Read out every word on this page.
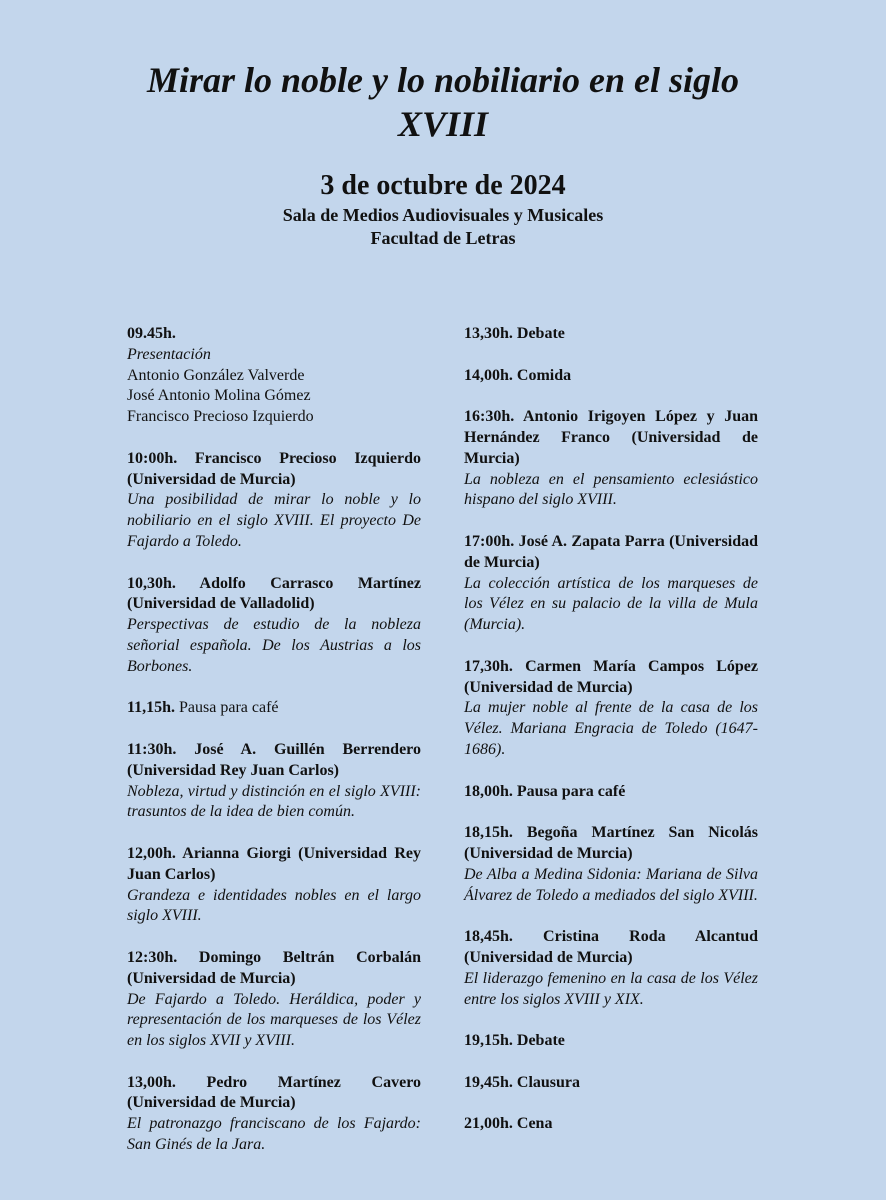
Mirar lo noble y lo nobiliario en el siglo
XVIII
3 de octubre de 2024
Sala de Medios Audiovisuales y Musicales
Facultad de Letras

09.45h.

Presentación

Antonio González Valverde

José Antonio Molina Gómez

Francisco Precioso Izquierdo

10:00h. Francisco Precioso Izquierdo (Universidad de Murcia)

Una posibilidad de mirar lo noble y lo nobiliario en el siglo XVIII. El proyecto De Fajardo a Toledo.

10,30h. Adolfo Carrasco Martínez (Universidad de Valladolid)

Perspectivas de estudio de la nobleza señorial española. De los Austrias a los Borbones.

11,15h. Pausa para café

11:30h. José A. Guillén Berrendero (Universidad Rey Juan Carlos)

Nobleza, virtud y distinción en el siglo XVIII: trasuntos de la idea de bien común.

12,00h. Arianna Giorgi (Universidad Rey Juan Carlos)

Grandeza e identidades nobles en el largo siglo XVIII.

12:30h. Domingo Beltrán Corbalán (Universidad de Murcia)

De Fajardo a Toledo. Heráldica, poder y representación de los marqueses de los Vélez en los siglos XVII y XVIII.

13,00h. Pedro Martínez Cavero (Universidad de Murcia)

El patronazgo franciscano de los Fajardo: San Ginés de la Jara.

13,30h. Debate

14,00h. Comida

16:30h. Antonio Irigoyen López y Juan Hernández Franco (Universidad de Murcia)

La nobleza en el pensamiento eclesiástico hispano del siglo XVIII.

17:00h. José A. Zapata Parra (Universidad de Murcia)

La colección artística de los marqueses de los Vélez en su palacio de la villa de Mula (Murcia).

17,30h. Carmen María Campos López (Universidad de Murcia)

La mujer noble al frente de la casa de los Vélez. Mariana Engracia de Toledo (1647-1686).

18,00h. Pausa para café

18,15h. Begoña Martínez San Nicolás (Universidad de Murcia)

De Alba a Medina Sidonia: Mariana de Silva Álvarez de Toledo a mediados del siglo XVIII.

18,45h. Cristina Roda Alcantud (Universidad de Murcia)

El liderazgo femenino en la casa de los Vélez entre los siglos XVIII y XIX.

19,15h. Debate

19,45h. Clausura

21,00h. Cena
